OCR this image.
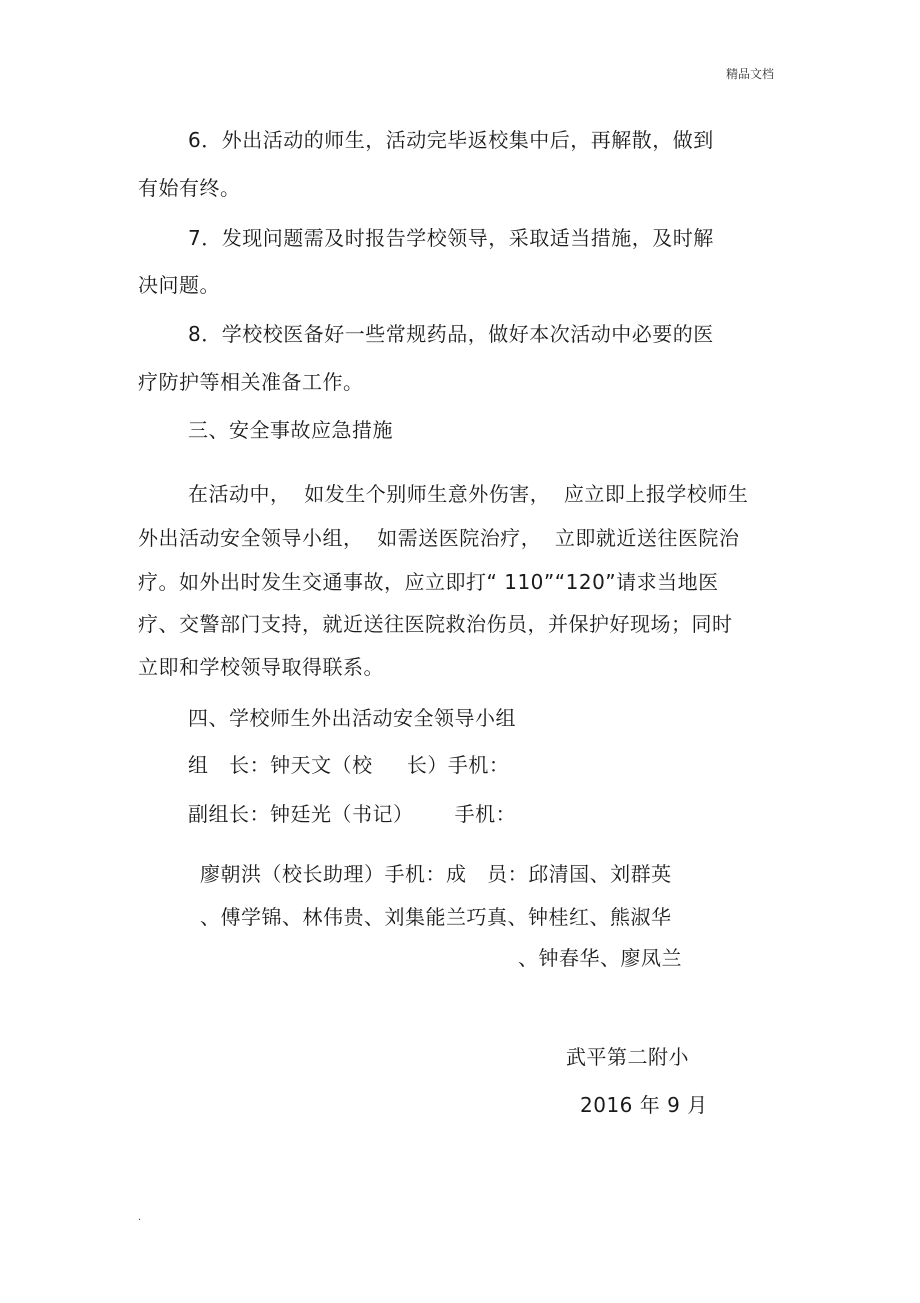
精品文档
6．外出活动的师生，活动完毕返校集中后，再解散，做到
有始有终。
7．发现问题需及时报告学校领导，采取适当措施，及时解
决问题。
8．学校校医备好一些常规药品，做好本次活动中必要的医
疗防护等相关准备工作。
三、安全事故应急措施
在活动中，  如发生个别师生意外伤害，  应立即上报学校师生
外出活动安全领导小组，  如需送医院治疗，  立即就近送往医院治
疗。如外出时发生交通事故，应立即打“ 110”“120”请求当地医
疗、交警部门支持，就近送往医院救治伤员，并保护好现场；同时
立即和学校领导取得联系。
四、学校师生外出活动安全领导小组
组   长：钟天文（校     长）手机：
副组长：钟廷光（书记）      手机：
廖朝洪（校长助理）手机：成   员：邱清国、刘群英
、傅学锦、林伟贵、刘集能兰巧真、钟桂红、熊淑华
、钟春华、廖凤兰
武平第二附小
2016 年 9 月
.
